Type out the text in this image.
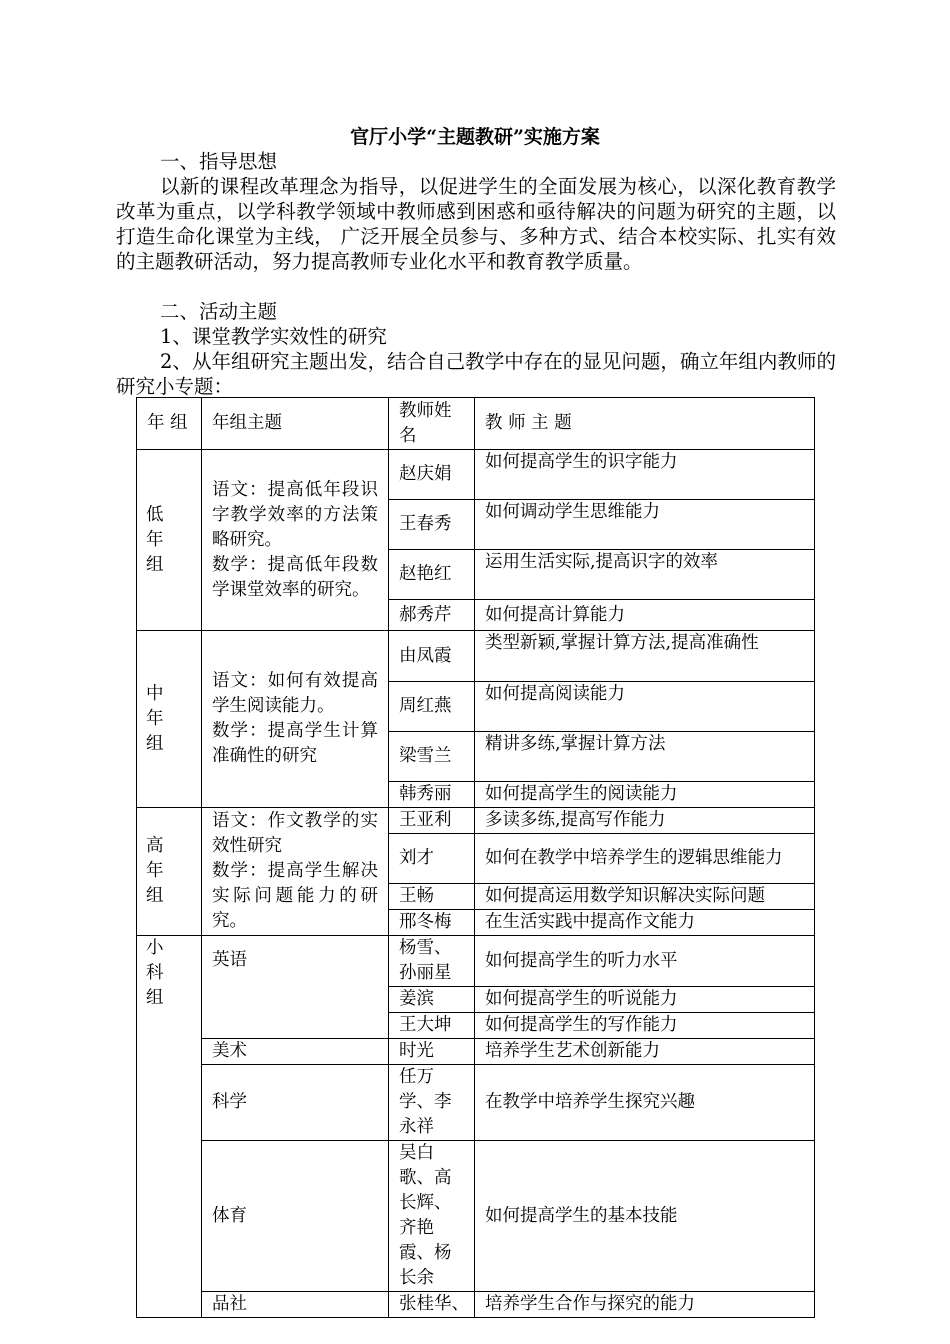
官厅小学“主题教研”实施方案
一、指导思想
以新的课程改革理念为指导，以促进学生的全面发展为核心，以深化教育教学改革为重点，以学科教学领域中教师感到困惑和亟待解决的问题为研究的主题，以打造生命化课堂为主线， 广泛开展全员参与、多种方式、结合本校实际、扎实有效的主题教研活动，努力提高教师专业化水平和教育教学质量。
二、活动主题
1、课堂教学实效性的研究
2、从年组研究主题出发，结合自己教学中存在的显见问题，确立年组内教师的研究小专题：
年 组	年组主题	教师姓名	教 师 主 题

低
年
组	语文：提高低年段识字教学效率的方法策略研究。
数学：提高低年段数学课堂效率的研究。	赵庆娟	如何提高学生的识字能力
		王春秀	如何调动学生思维能力
		赵艳红	运用生活实际,提高识字的效率
		郝秀芹	如何提高计算能力

中
年
组	语文：如何有效提高学生阅读能力。
数学：提高学生计算准确性的研究	由凤霞	类型新颖,掌握计算方法,提高准确性
		周红燕	如何提高阅读能力
		梁雪兰	精讲多练,掌握计算方法
		韩秀丽	如何提高学生的阅读能力

高
年
组	语文：作文教学的实效性研究
数学：提高学生解决实际问题能力的研究。	王亚利	多读多练,提高写作能力
		刘才	如何在教学中培养学生的逻辑思维能力
		王畅	如何提高运用数学知识解决实际问题
		邢冬梅	在生活实践中提高作文能力

小
科
组	英语	杨雪、孙丽星	如何提高学生的听力水平
		姜滨	如何提高学生的听说能力
		王大坤	如何提高学生的写作能力
	美术	时光	培养学生艺术创新能力
	科学	任万学、李永祥	在教学中培养学生探究兴趣
	体育	吴白歌、高长辉、齐艳霞、杨长余	如何提高学生的基本技能
	品社	张桂华、	培养学生合作与探究的能力
